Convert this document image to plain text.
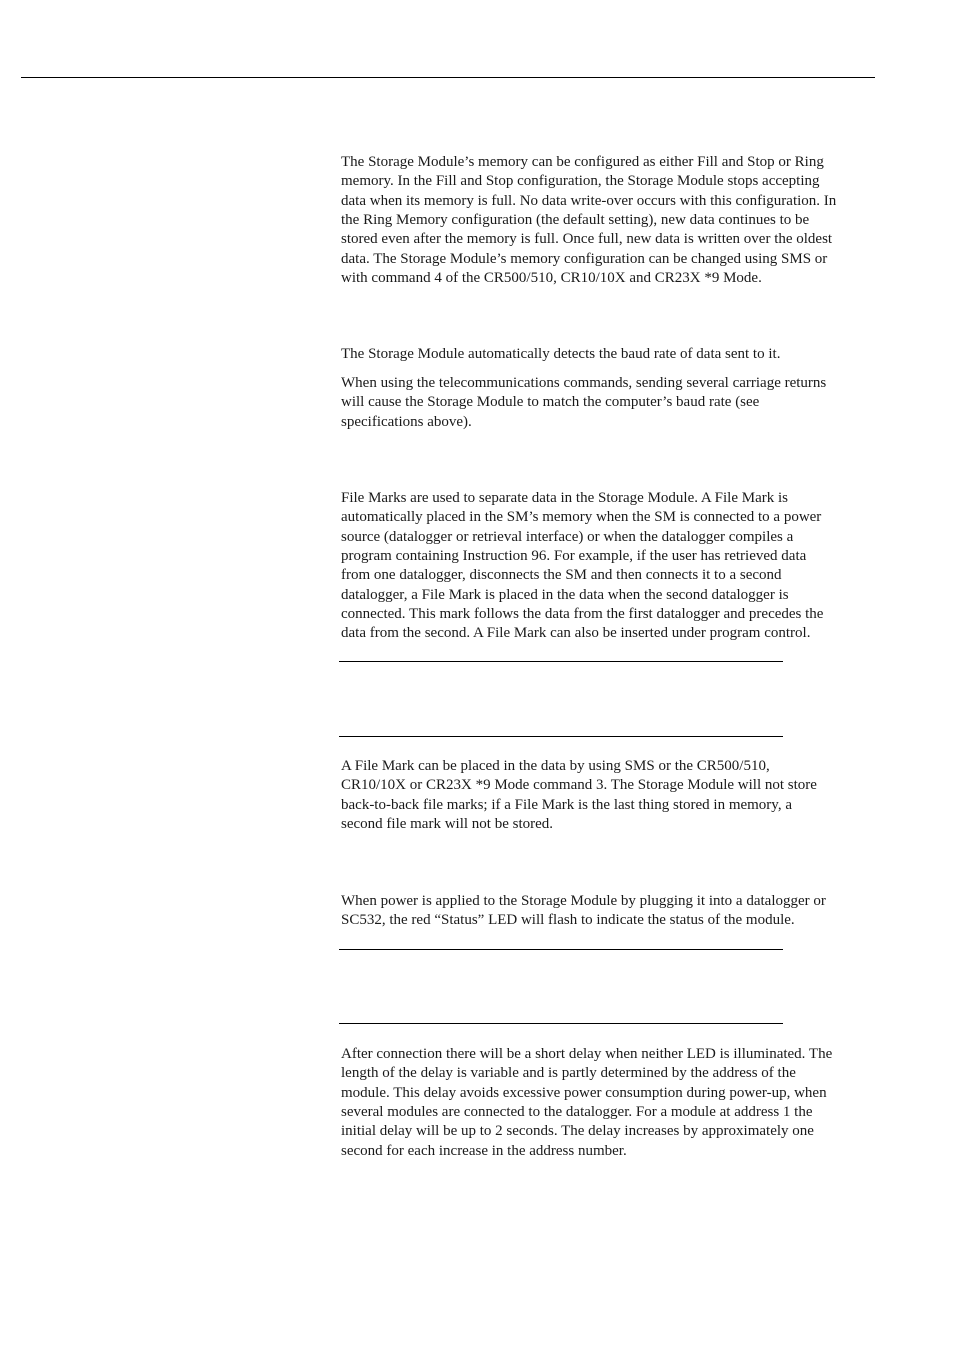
The Storage Module’s memory can be configured as either Fill and Stop or Ring
memory. In the Fill and Stop configuration, the Storage Module stops accepting
data when its memory is full. No data write-over occurs with this configuration. In
the Ring Memory configuration (the default setting), new data continues to be
stored even after the memory is full. Once full, new data is written over the oldest
data. The Storage Module’s memory configuration can be changed using SMS or
with command 4 of the CR500/510, CR10/10X and CR23X *9 Mode.

The Storage Module automatically detects the baud rate of data sent to it.

When using the telecommunications commands, sending several carriage returns
will cause the Storage Module to match the computer’s baud rate (see
specifications above).

File Marks are used to separate data in the Storage Module. A File Mark is
automatically placed in the SM’s memory when the SM is connected to a power
source (datalogger or retrieval interface) or when the datalogger compiles a
program containing Instruction 96. For example, if the user has retrieved data
from one datalogger, disconnects the SM and then connects it to a second
datalogger, a File Mark is placed in the data when the second datalogger is
connected. This mark follows the data from the first datalogger and precedes the
data from the second. A File Mark can also be inserted under program control.

A File Mark can be placed in the data by using SMS or the CR500/510,
CR10/10X or CR23X *9 Mode command 3. The Storage Module will not store
back-to-back file marks; if a File Mark is the last thing stored in memory, a
second file mark will not be stored.

When power is applied to the Storage Module by plugging it into a datalogger or
SC532, the red “Status” LED will flash to indicate the status of the module.

After connection there will be a short delay when neither LED is illuminated. The
length of the delay is variable and is partly determined by the address of the
module. This delay avoids excessive power consumption during power-up, when
several modules are connected to the datalogger. For a module at address 1 the
initial delay will be up to 2 seconds. The delay increases by approximately one
second for each increase in the address number.
